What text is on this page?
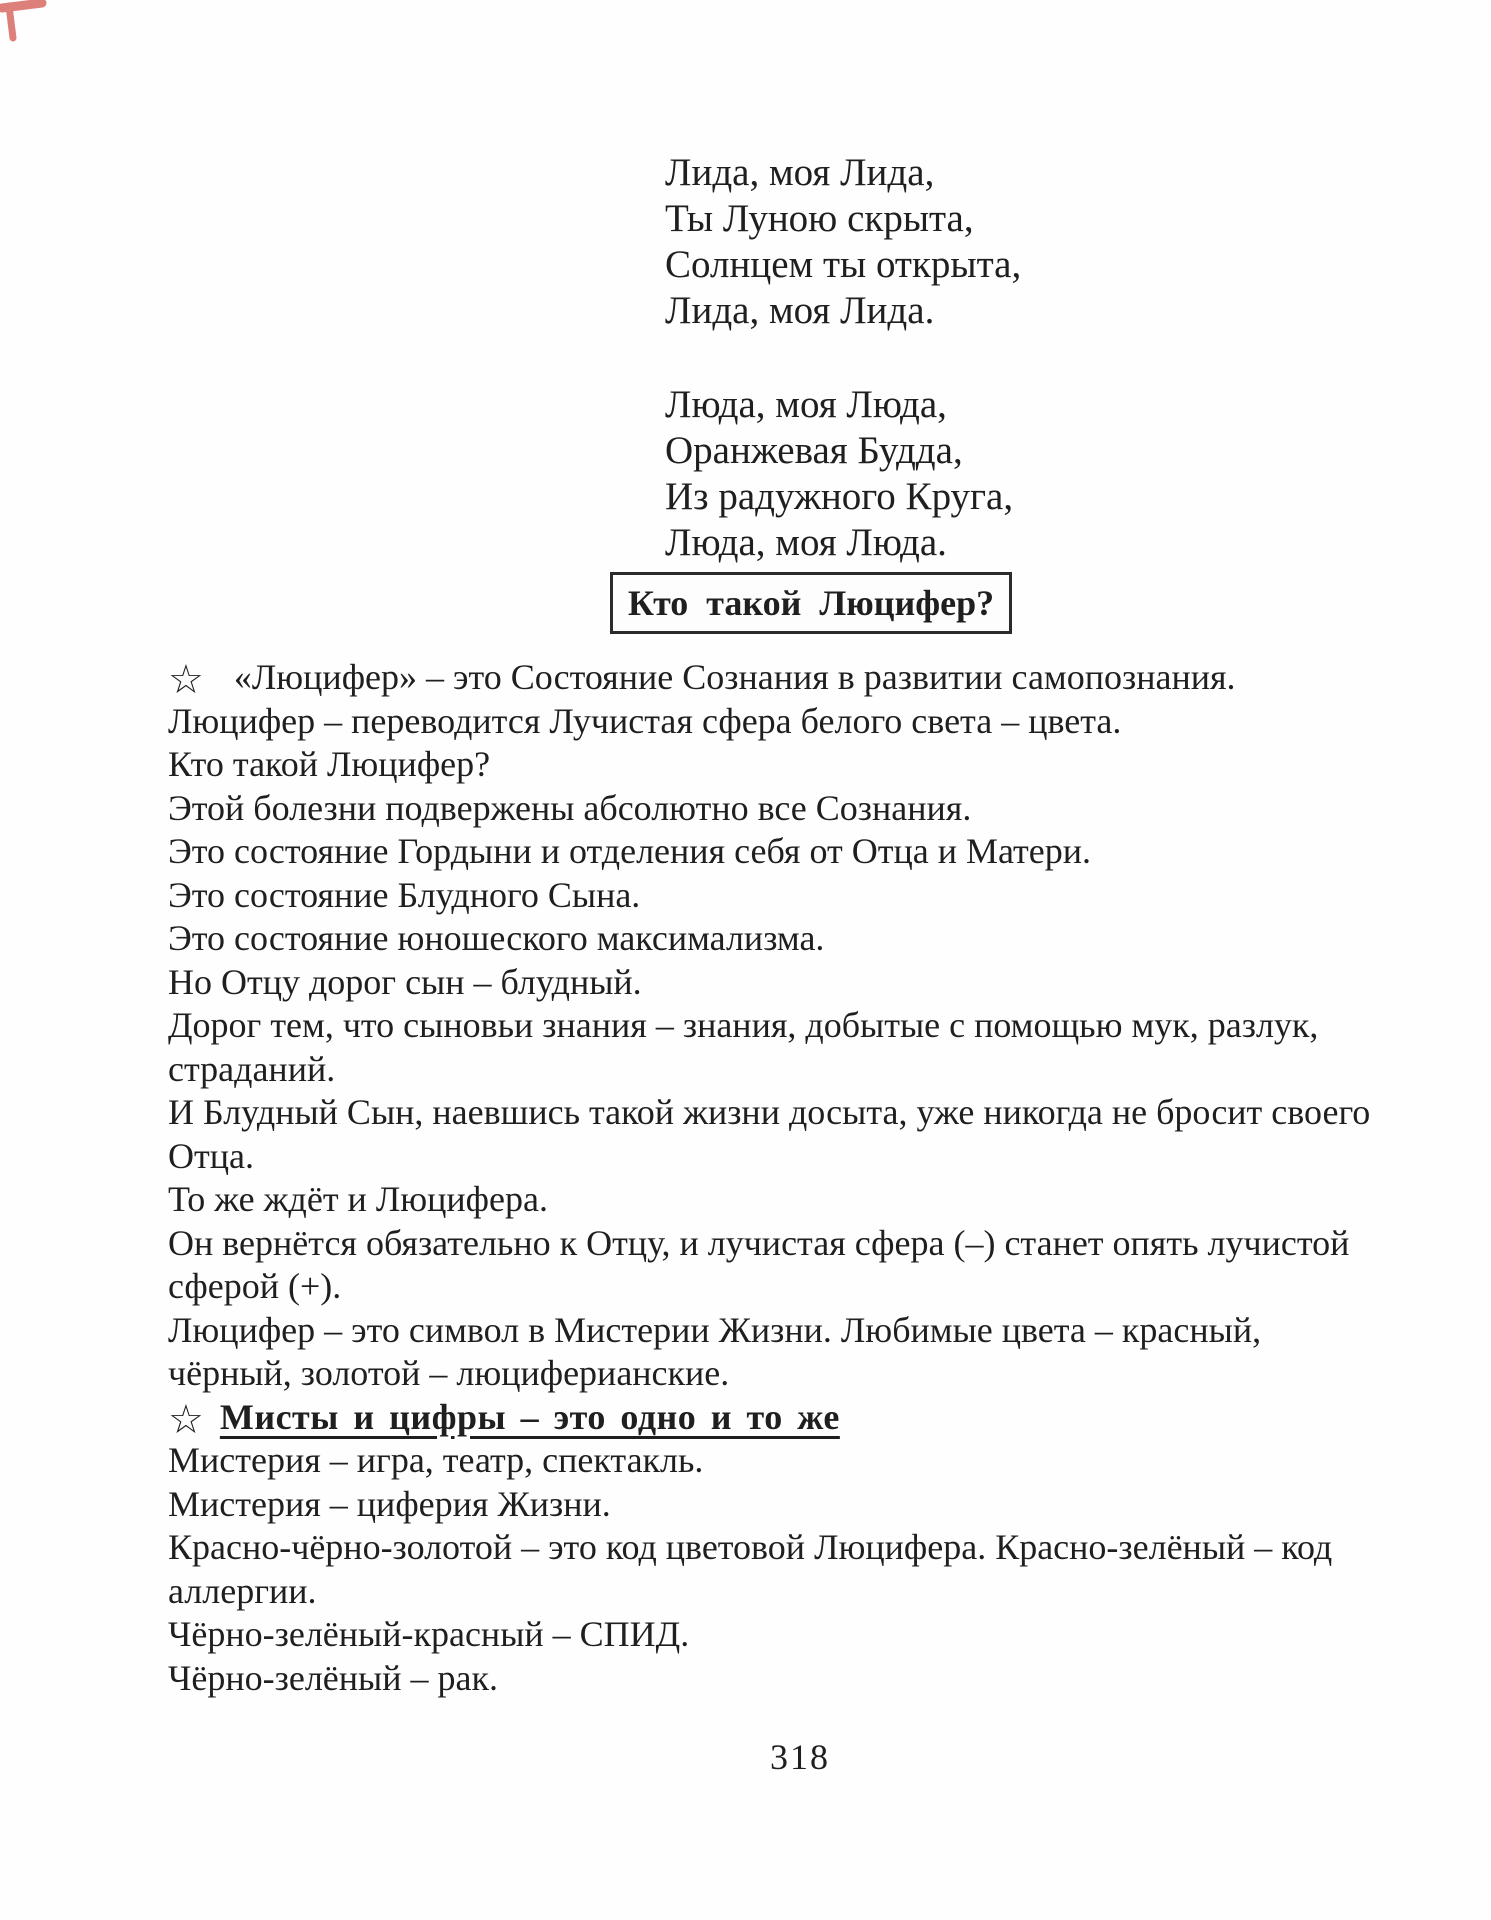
Лида, моя Лида,
Ты Луною скрыта,
Солнцем ты открыта,
Лида, моя Лида.
Люда, моя Люда,
Оранжевая Будда,
Из радужного Круга,
Люда, моя Люда.
Кто такой Люцифер?
☆ «Люцифер» – это Состояние Сознания в развитии самопознания.
Люцифер – переводится Лучистая сфера белого света – цвета.
Кто такой Люцифер?
Этой болезни подвержены абсолютно все Сознания.
Это состояние Гордыни и отделения себя от Отца и Матери.
Это состояние Блудного Сына.
Это состояние юношеского максимализма.
Но Отцу дорог сын – блудный.
Дорог тем, что сыновьи знания – знания, добытые с помощью мук, разлук,
страданий.
И Блудный Сын, наевшись такой жизни досыта, уже никогда не бросит своего
Отца.
То же ждёт и Люцифера.
Он вернётся обязательно к Отцу, и лучистая сфера (–) станет опять лучистой
сферой (+).
Люцифер – это символ в Мистерии Жизни. Любимые цвета – красный,
чёрный, золотой – люциферианские.
☆ Мисты и цифры – это одно и то же
Мистерия – игра, театр, спектакль.
Мистерия – циферия Жизни.
Красно-чёрно-золотой – это код цветовой Люцифера. Красно-зелёный – код
аллергии.
Чёрно-зелёный-красный – СПИД.
Чёрно-зелёный – рак.
318
